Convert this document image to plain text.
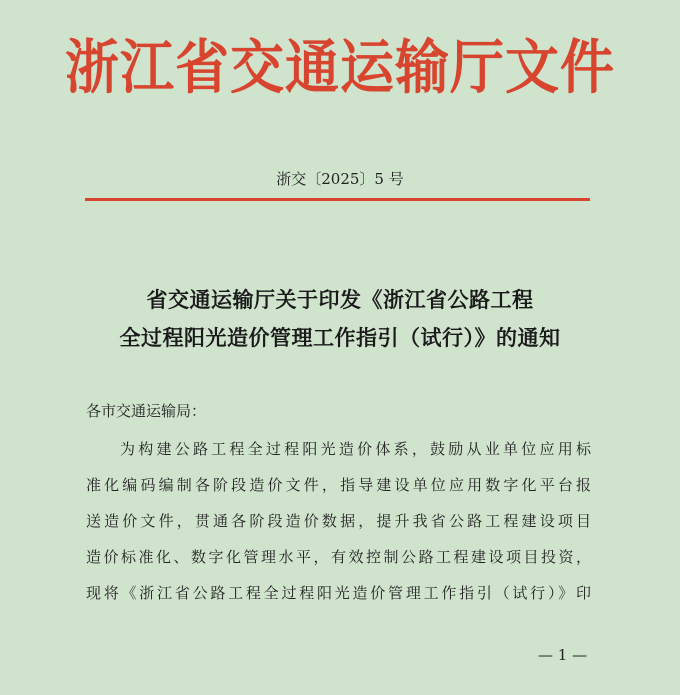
浙江省交通运输厅文件
浙交〔2025〕5 号
省交通运输厅关于印发《浙江省公路工程
全过程阳光造价管理工作指引（试行）》的通知
各市交通运输局：
为构建公路工程全过程阳光造价体系，鼓励从业单位应用标
准化编码编制各阶段造价文件，指导建设单位应用数字化平台报
送造价文件，贯通各阶段造价数据，提升我省公路工程建设项目
造价标准化、数字化管理水平，有效控制公路工程建设项目投资，
现将《浙江省公路工程全过程阳光造价管理工作指引（试行）》印
— 1 —
